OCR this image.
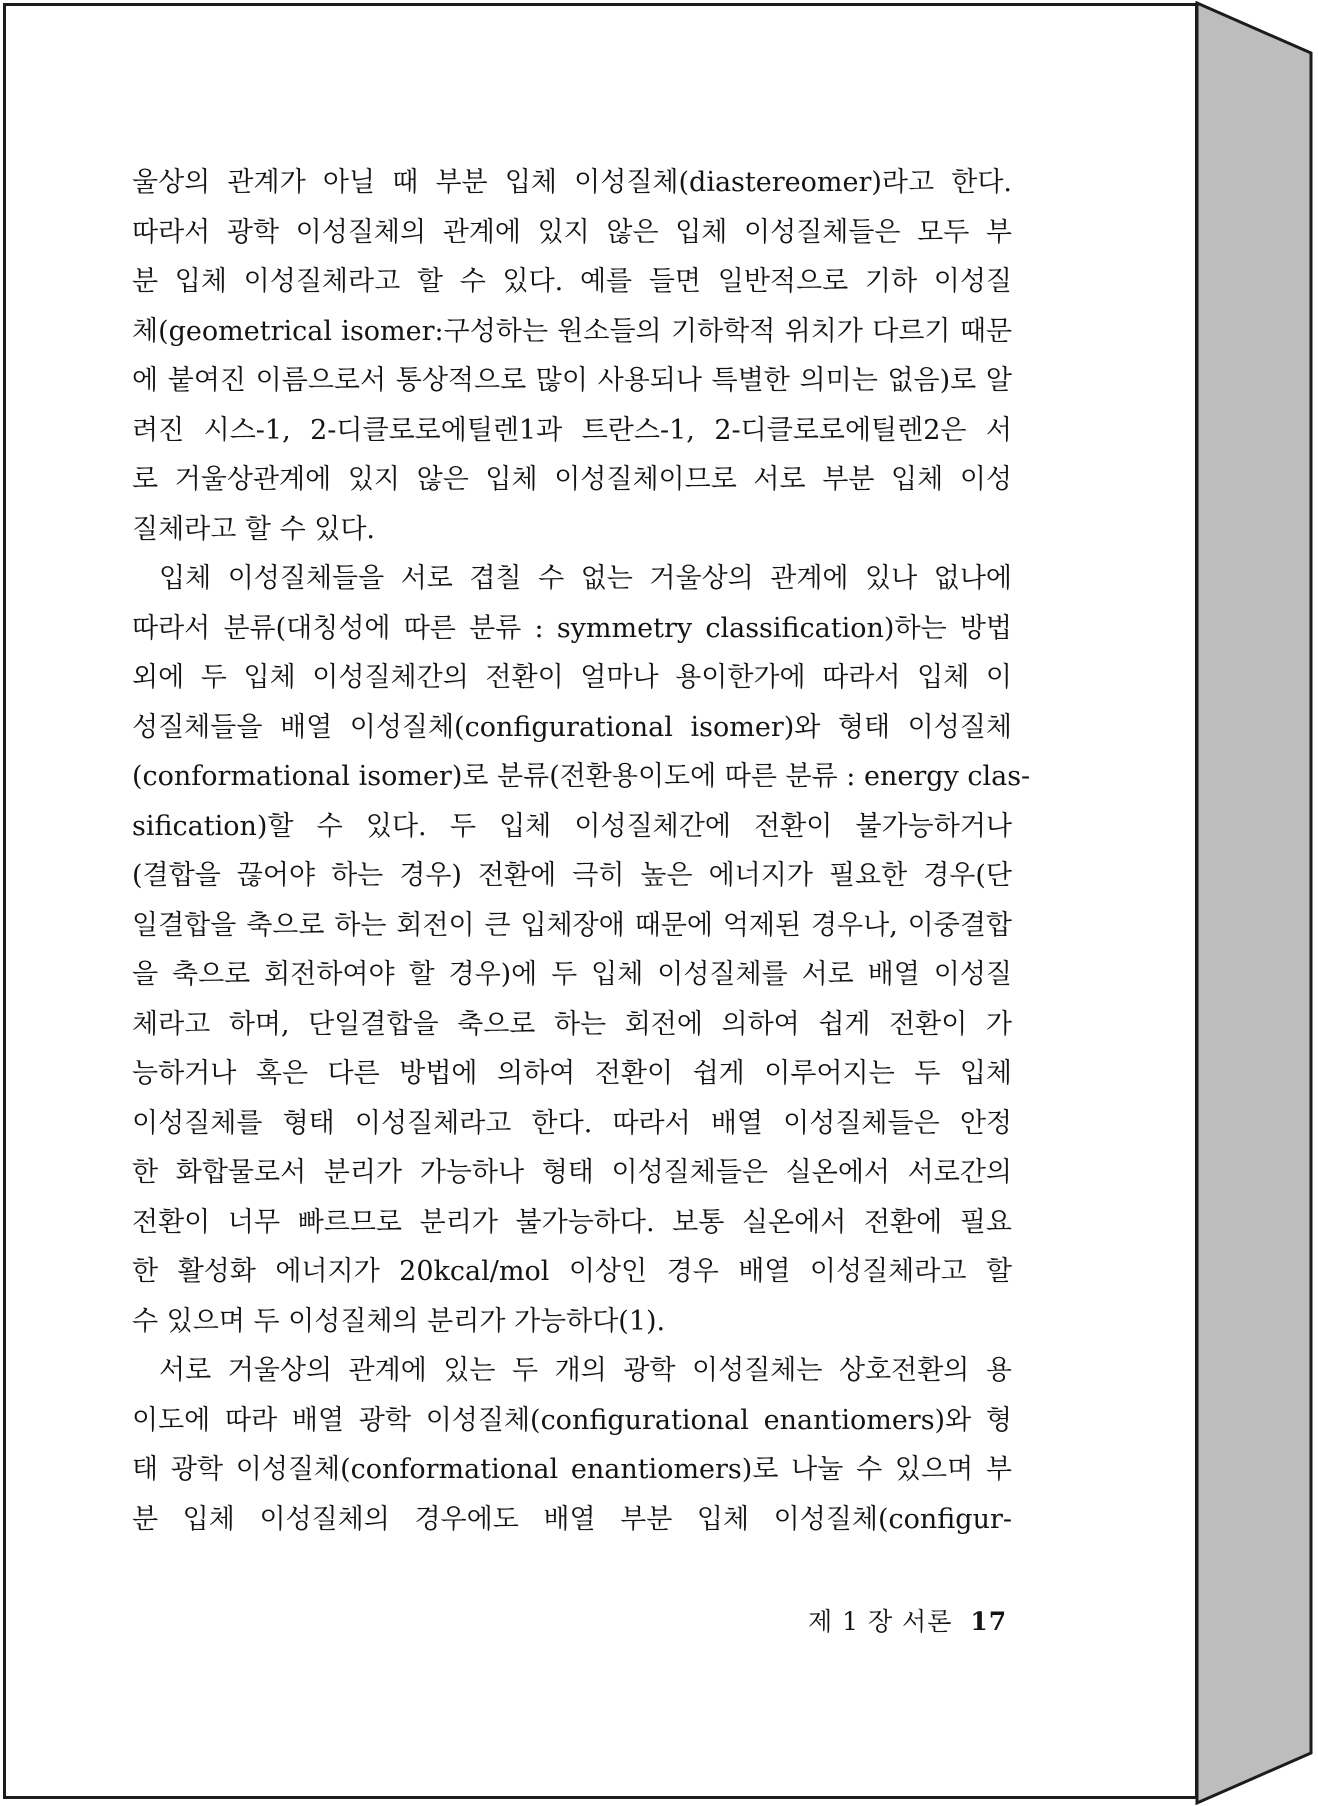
울상의 관계가 아닐 때 부분 입체 이성질체(diastereomer)라고 한다.
따라서 광학 이성질체의 관계에 있지 않은 입체 이성질체들은 모두 부
분 입체 이성질체라고 할 수 있다. 예를 들면 일반적으로 기하 이성질
체(geometrical isomer:구성하는 원소들의 기하학적 위치가 다르기 때문
에 붙여진 이름으로서 통상적으로 많이 사용되나 특별한 의미는 없음)로 알
려진 시스-1, 2-디클로로에틸렌1과 트란스-1, 2-디클로로에틸렌2은 서
로 거울상관계에 있지 않은 입체 이성질체이므로 서로 부분 입체 이성
질체라고 할 수 있다.

입체 이성질체들을 서로 겹칠 수 없는 거울상의 관계에 있나 없나에
따라서 분류(대칭성에 따른 분류 : symmetry classification)하는 방법
외에 두 입체 이성질체간의 전환이 얼마나 용이한가에 따라서 입체 이
성질체들을 배열 이성질체(configurational isomer)와 형태 이성질체
(conformational isomer)로 분류(전환용이도에 따른 분류 : energy clas-
sification)할 수 있다. 두 입체 이성질체간에 전환이 불가능하거나
(결합을 끊어야 하는 경우) 전환에 극히 높은 에너지가 필요한 경우(단
일결합을 축으로 하는 회전이 큰 입체장애 때문에 억제된 경우나, 이중결합
을 축으로 회전하여야 할 경우)에 두 입체 이성질체를 서로 배열 이성질
체라고 하며, 단일결합을 축으로 하는 회전에 의하여 쉽게 전환이 가
능하거나 혹은 다른 방법에 의하여 전환이 쉽게 이루어지는 두 입체
이성질체를 형태 이성질체라고 한다. 따라서 배열 이성질체들은 안정
한 화합물로서 분리가 가능하나 형태 이성질체들은 실온에서 서로간의
전환이 너무 빠르므로 분리가 불가능하다. 보통 실온에서 전환에 필요
한 활성화 에너지가 20kcal/mol 이상인 경우 배열 이성질체라고 할
수 있으며 두 이성질체의 분리가 가능하다(1).

서로 거울상의 관계에 있는 두 개의 광학 이성질체는 상호전환의 용
이도에 따라 배열 광학 이성질체(configurational enantiomers)와 형
태 광학 이성질체(conformational enantiomers)로 나눌 수 있으며 부
분 입체 이성질체의 경우에도 배열 부분 입체 이성질체(configur-

제 1 장 서론 17
